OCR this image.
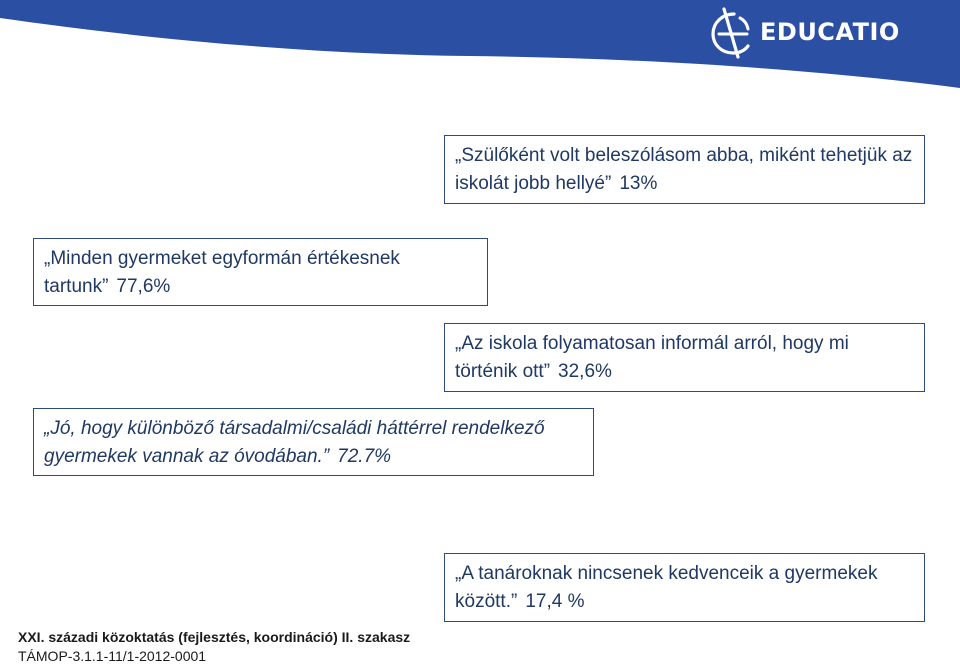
EDUCATIO
„Szülőként volt beleszólásom abba, miként tehetjük az iskolát jobb hellyé” 13%
„Minden gyermeket egyformán értékesnek tartunk” 77,6%
„Az iskola folyamatosan informál arról, hogy mi történik ott” 32,6%
„Jó, hogy különböző társadalmi/családi háttérrel rendelkező gyermekek vannak az óvodában.” 72.7%
„A tanároknak nincsenek kedvenceik a gyermekek között.” 17,4 %
XXI. századi közoktatás (fejlesztés, koordináció) II. szakasz
TÁMOP-3.1.1-11/1-2012-0001
